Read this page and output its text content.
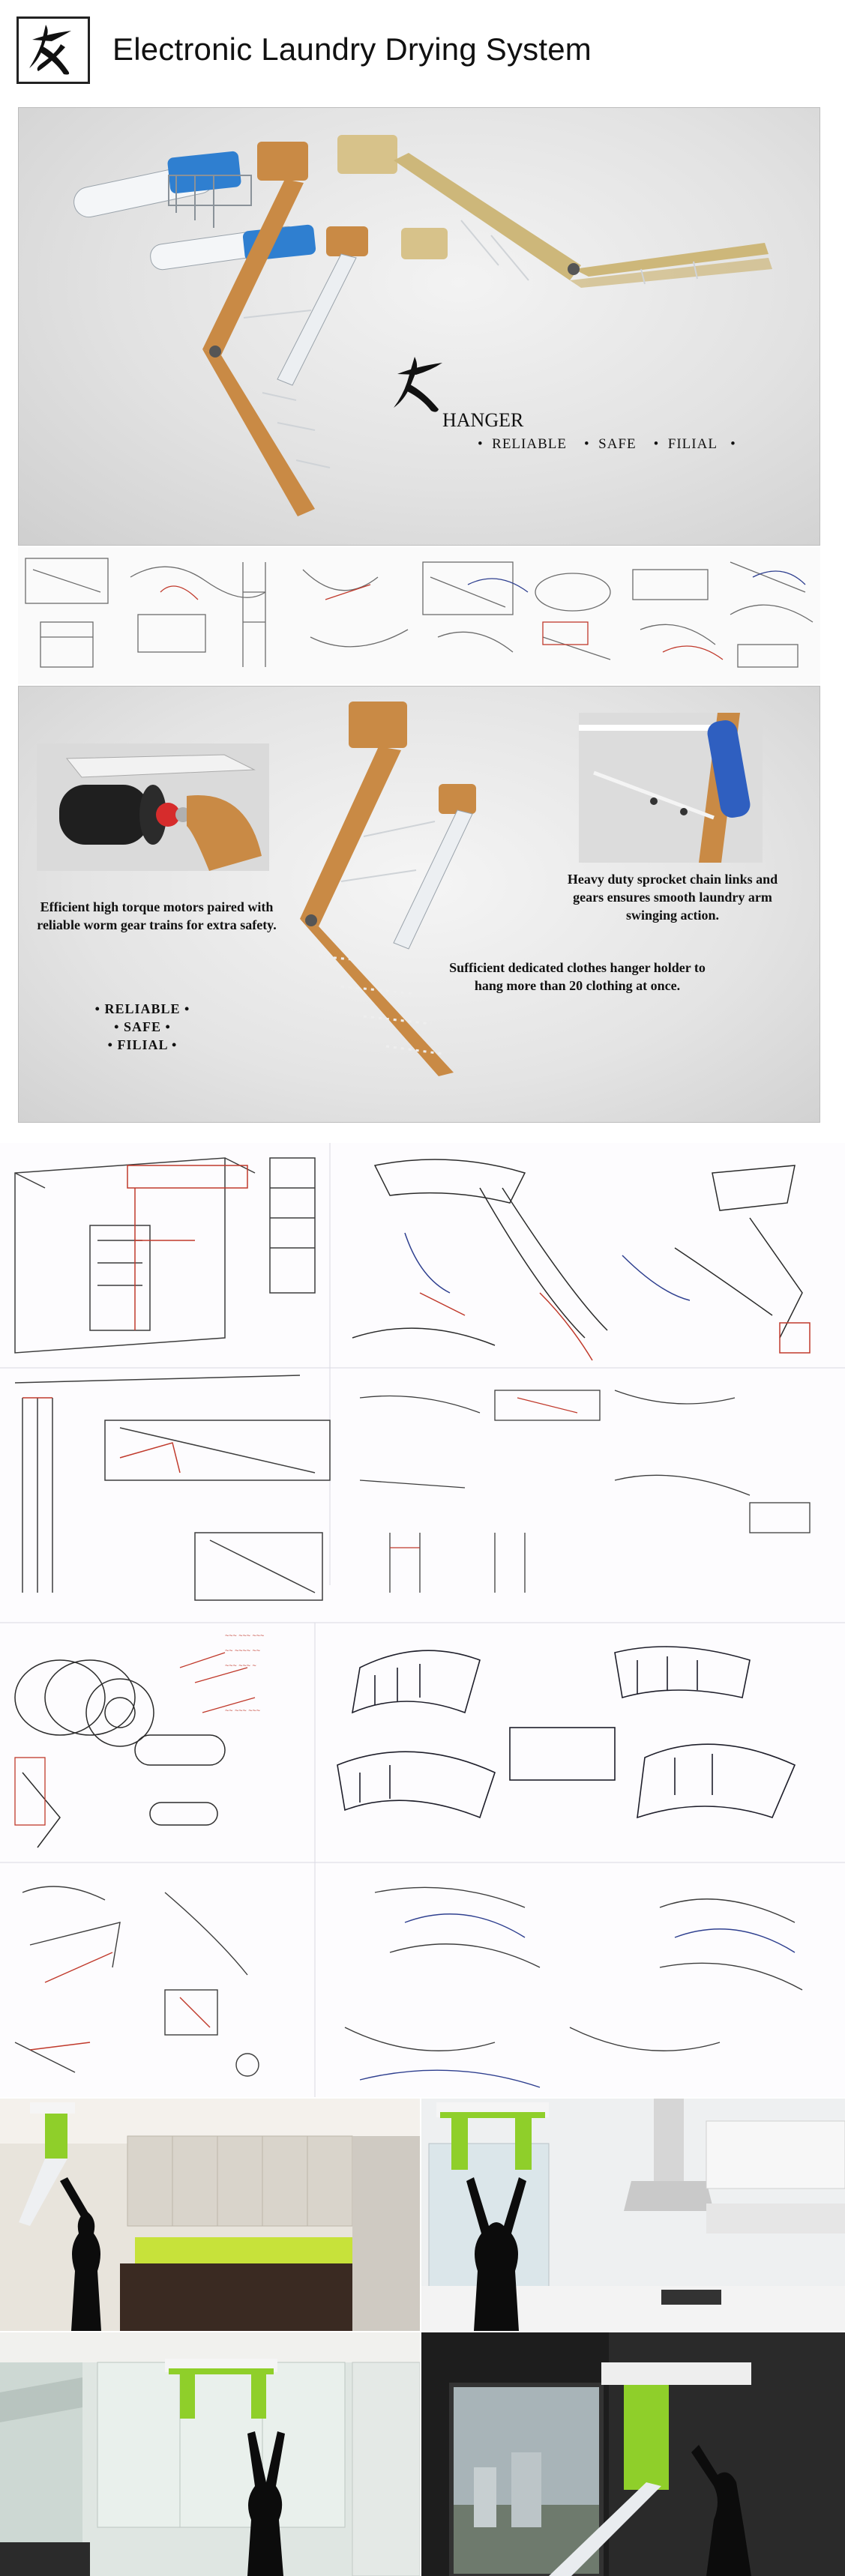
Electronic Laundry Drying System
HANGER
• RELIABLE • SAFE • FILIAL •
Efficient high torque motors paired with reliable worm gear trains for extra safety.
Heavy duty sprocket chain links and gears ensures smooth laundry arm swinging action.
Sufficient dedicated clothes hanger holder to hang more than 20 clothing at once.
• RELIABLE •
• SAFE •
• FILIAL •
~~~ ~~~ ~~~
~~ ~~~~ ~~
~~~ ~~~ ~
~~ ~~~ ~~~
